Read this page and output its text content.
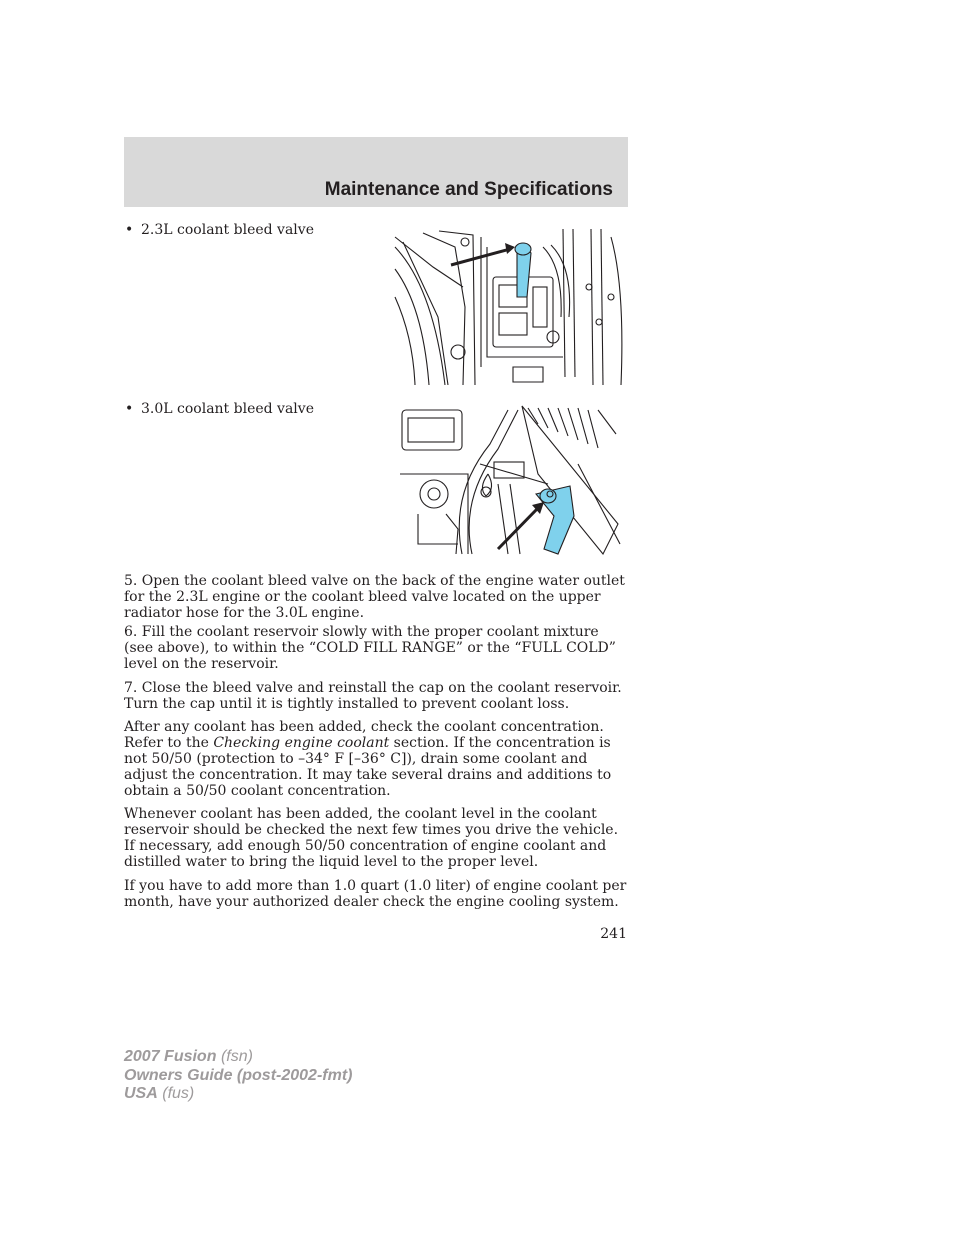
Maintenance and Specifications
• 2.3L coolant bleed valve
• 3.0L coolant bleed valve

5. Open the coolant bleed valve on the back of the engine water outlet for the 2.3L engine or the coolant bleed valve located on the upper radiator hose for the 3.0L engine.

6. Fill the coolant reservoir slowly with the proper coolant mixture (see above), to within the “COLD FILL RANGE” or the “FULL COLD” level on the reservoir.

7. Close the bleed valve and reinstall the cap on the coolant reservoir. Turn the cap until it is tightly installed to prevent coolant loss.

After any coolant has been added, check the coolant concentration. Refer to the Checking engine coolant section. If the concentration is not 50/50 (protection to –34° F [–36° C]), drain some coolant and adjust the concentration. It may take several drains and additions to obtain a 50/50 coolant concentration.

Whenever coolant has been added, the coolant level in the coolant reservoir should be checked the next few times you drive the vehicle. If necessary, add enough 50/50 concentration of engine coolant and distilled water to bring the liquid level to the proper level.

If you have to add more than 1.0 quart (1.0 liter) of engine coolant per month, have your authorized dealer check the engine cooling system.

241
2007 Fusion (fsn)
Owners Guide (post-2002-fmt)
USA (fus)
